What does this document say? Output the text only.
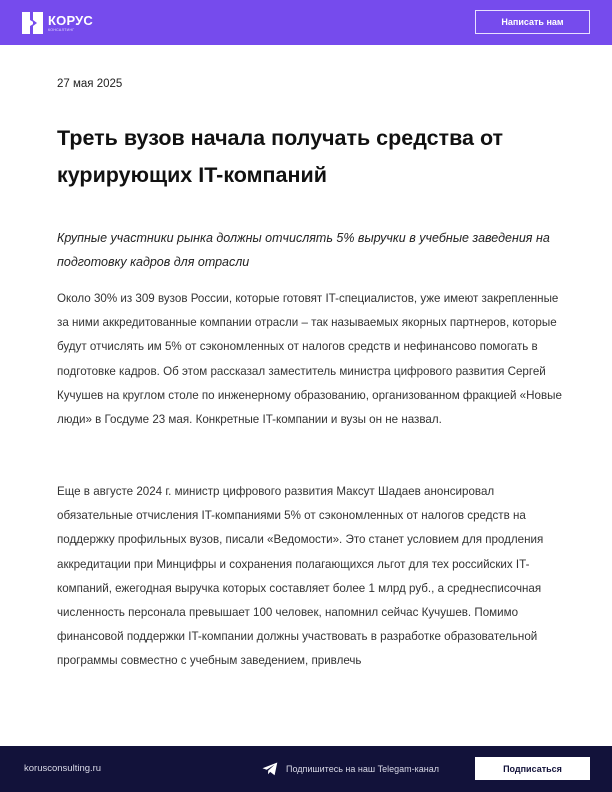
КОРУС
КОНСАЛТИНГ
Написать нам
27 мая 2025
Треть вузов начала получать средства от курирующих IT-компаний

Крупные участники рынка должны отчислять 5% выручки в учебные заведения на подготовку кадров для отрасли

Около 30% из 309 вузов России, которые готовят IT-специалистов, уже имеют закрепленные за ними аккредитованные компании отрасли – так называемых якорных партнеров, которые будут отчислять им 5% от сэкономленных от налогов средств и нефинансово помогать в подготовке кадров. Об этом рассказал заместитель министра цифрового развития Сергей Кучушев на круглом столе по инженерному образованию, организованном фракцией «Новые люди» в Госдуме 23 мая. Конкретные IT-компании и вузы он не назвал.

Еще в августе 2024 г. министр цифрового развития Максут Шадаев анонсировал обязательные отчисления IT-компаниями 5% от сэкономленных от налогов средств на поддержку профильных вузов, писали «Ведомости». Это станет условием для продления аккредитации при Минцифры и сохранения полагающихся льгот для тех российских IT-компаний, ежегодная выручка которых составляет более 1 млрд руб., а среднесписочная численность персонала превышает 100 человек, напомнил сейчас Кучушев. Помимо финансовой поддержки IT-компании должны участвовать в разработке образовательной программы совместно с учебным заведением, привлечь

korusconsulting.ru	Подпишитесь на наш Telegam-канал	Подписаться
